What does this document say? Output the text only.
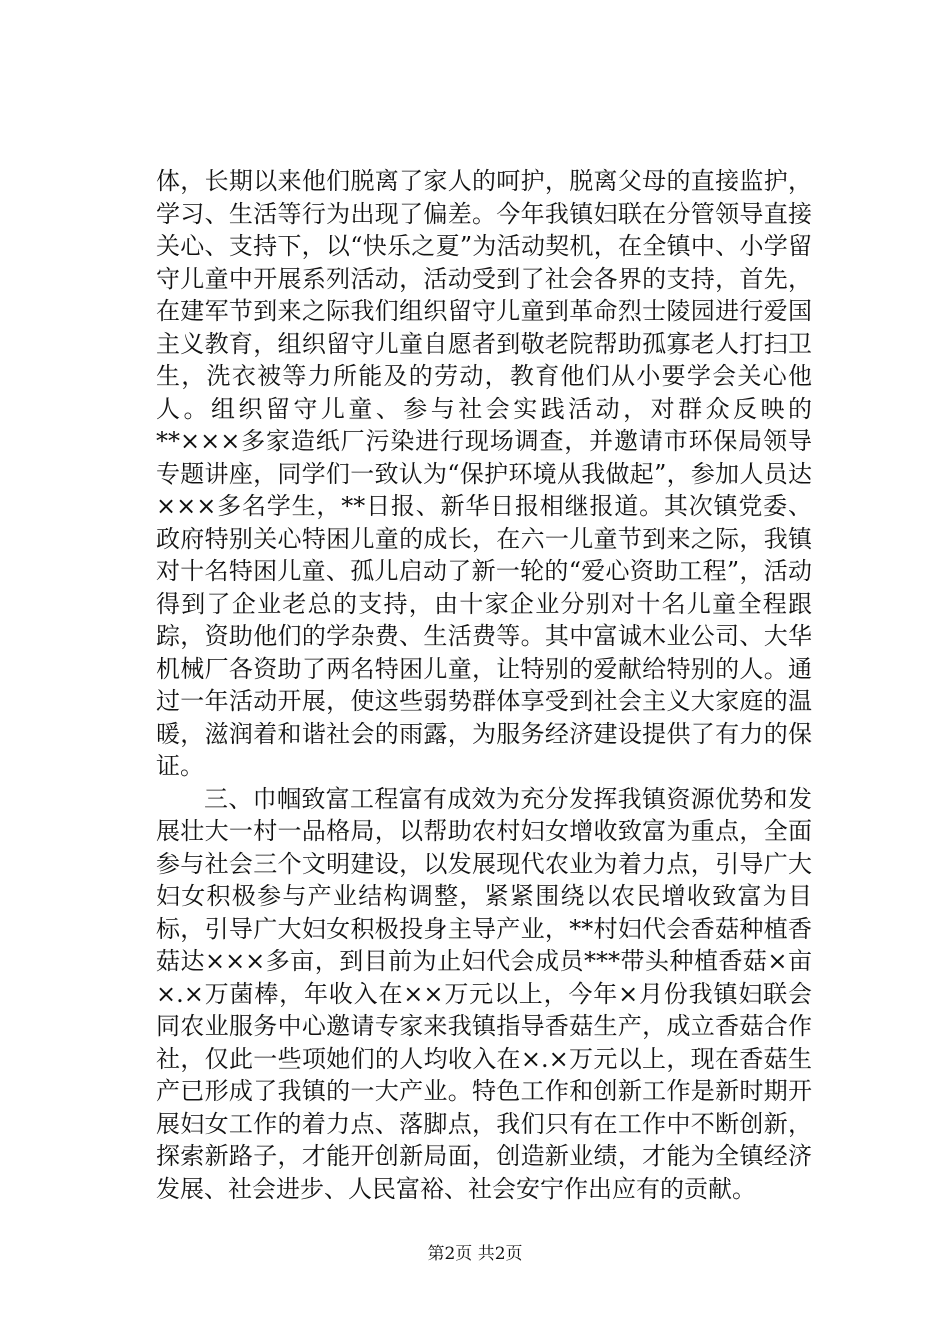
体，长期以来他们脱离了家人的呵护，脱离父母的直接监护，学习、生活等行为出现了偏差。今年我镇妇联在分管领导直接关心、支持下，以“快乐之夏”为活动契机，在全镇中、小学留守儿童中开展系列活动，活动受到了社会各界的支持，首先，在建军节到来之际我们组织留守儿童到革命烈士陵园进行爱国主义教育，组织留守儿童自愿者到敬老院帮助孤寡老人打扫卫生，洗衣被等力所能及的劳动，教育他们从小要学会关心他人。组织留守儿童、参与社会实践活动，对群众反映的**×××多家造纸厂污染进行现场调查，并邀请市环保局领导专题讲座，同学们一致认为“保护环境从我做起”，参加人员达×××多名学生，**日报、新华日报相继报道。其次镇党委、政府特别关心特困儿童的成长，在六一儿童节到来之际，我镇对十名特困儿童、孤儿启动了新一轮的“爱心资助工程”，活动得到了企业老总的支持，由十家企业分别对十名儿童全程跟踪，资助他们的学杂费、生活费等。其中富诚木业公司、大华机械厂各资助了两名特困儿童，让特别的爱献给特别的人。通过一年活动开展，使这些弱势群体享受到社会主义大家庭的温暖，滋润着和谐社会的雨露，为服务经济建设提供了有力的保证。

三、巾帼致富工程富有成效为充分发挥我镇资源优势和发展壮大一村一品格局，以帮助农村妇女增收致富为重点，全面参与社会三个文明建设，以发展现代农业为着力点，引导广大妇女积极参与产业结构调整，紧紧围绕以农民增收致富为目标，引导广大妇女积极投身主导产业，**村妇代会香菇种植香菇达×××多亩，到目前为止妇代会成员***带头种植香菇×亩×.×万菌棒，年收入在××万元以上，今年×月份我镇妇联会同农业服务中心邀请专家来我镇指导香菇生产，成立香菇合作社，仅此一些项她们的人均收入在×.×万元以上，现在香菇生产已形成了我镇的一大产业。特色工作和创新工作是新时期开展妇女工作的着力点、落脚点，我们只有在工作中不断创新，探索新路子，才能开创新局面，创造新业绩，才能为全镇经济发展、社会进步、人民富裕、社会安宁作出应有的贡献。

第2页 共2页
